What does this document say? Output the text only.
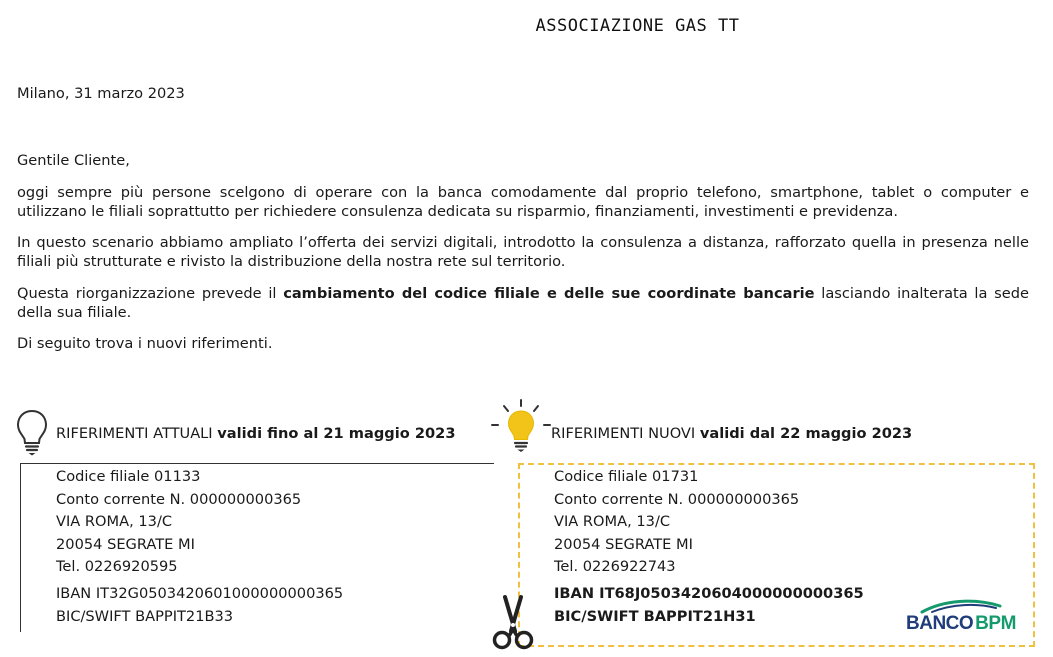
ASSOCIAZIONE GAS TT
Milano, 31 marzo 2023
Gentile Cliente,
oggi sempre più persone scelgono di operare con la banca comodamente dal proprio telefono, smartphone, tablet o computer e utilizzano le filiali soprattutto per richiedere consulenza dedicata su risparmio, finanziamenti, investimenti e previdenza.
In questo scenario abbiamo ampliato l’offerta dei servizi digitali, introdotto la consulenza a distanza, rafforzato quella in presenza nelle filiali più strutturate e rivisto la distribuzione della nostra rete sul territorio.
Questa riorganizzazione prevede il cambiamento del codice filiale e delle sue coordinate bancarie lasciando inalterata la sede della sua filiale.
Di seguito trova i nuovi riferimenti.
RIFERIMENTI ATTUALI validi fino al 21 maggio 2023
Codice filiale 01133
Conto corrente N. 000000000365
VIA ROMA, 13/C
20054 SEGRATE MI
Tel. 0226920595
IBAN IT32G0503420601000000000365
BIC/SWIFT BAPPIT21B33
RIFERIMENTI NUOVI validi dal 22 maggio 2023
Codice filiale 01731
Conto corrente N. 000000000365
VIA ROMA, 13/C
20054 SEGRATE MI
Tel. 0226922743
IBAN IT68J0503420604000000000365
BIC/SWIFT BAPPIT21H31	BANCO BPM
